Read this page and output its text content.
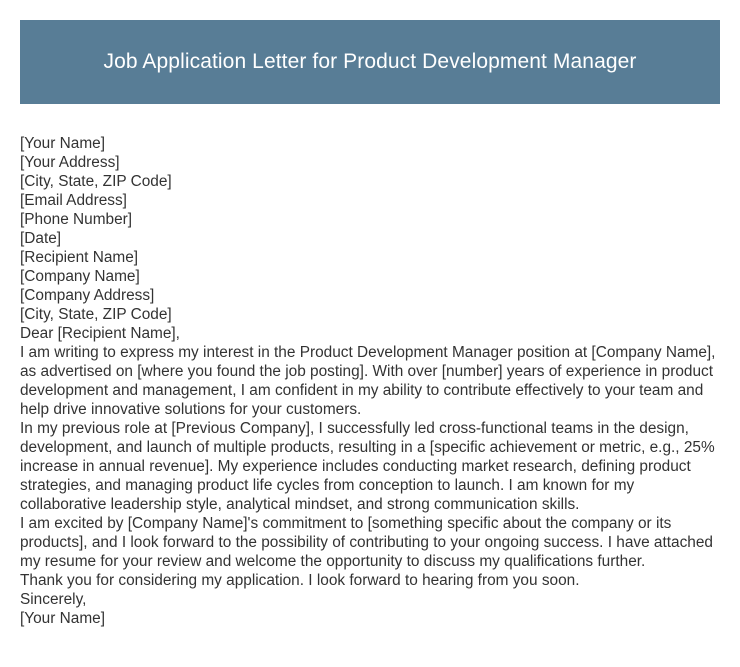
Job Application Letter for Product Development Manager
[Your Name]
[Your Address]
[City, State, ZIP Code]
[Email Address]
[Phone Number]
[Date]
[Recipient Name]
[Company Name]
[Company Address]
[City, State, ZIP Code]
Dear [Recipient Name],
I am writing to express my interest in the Product Development Manager position at [Company Name], as advertised on [where you found the job posting]. With over [number] years of experience in product development and management, I am confident in my ability to contribute effectively to your team and help drive innovative solutions for your customers.
In my previous role at [Previous Company], I successfully led cross-functional teams in the design, development, and launch of multiple products, resulting in a [specific achievement or metric, e.g., 25% increase in annual revenue]. My experience includes conducting market research, defining product strategies, and managing product life cycles from conception to launch. I am known for my collaborative leadership style, analytical mindset, and strong communication skills.
I am excited by [Company Name]'s commitment to [something specific about the company or its products], and I look forward to the possibility of contributing to your ongoing success. I have attached my resume for your review and welcome the opportunity to discuss my qualifications further.
Thank you for considering my application. I look forward to hearing from you soon.
Sincerely,
[Your Name]
